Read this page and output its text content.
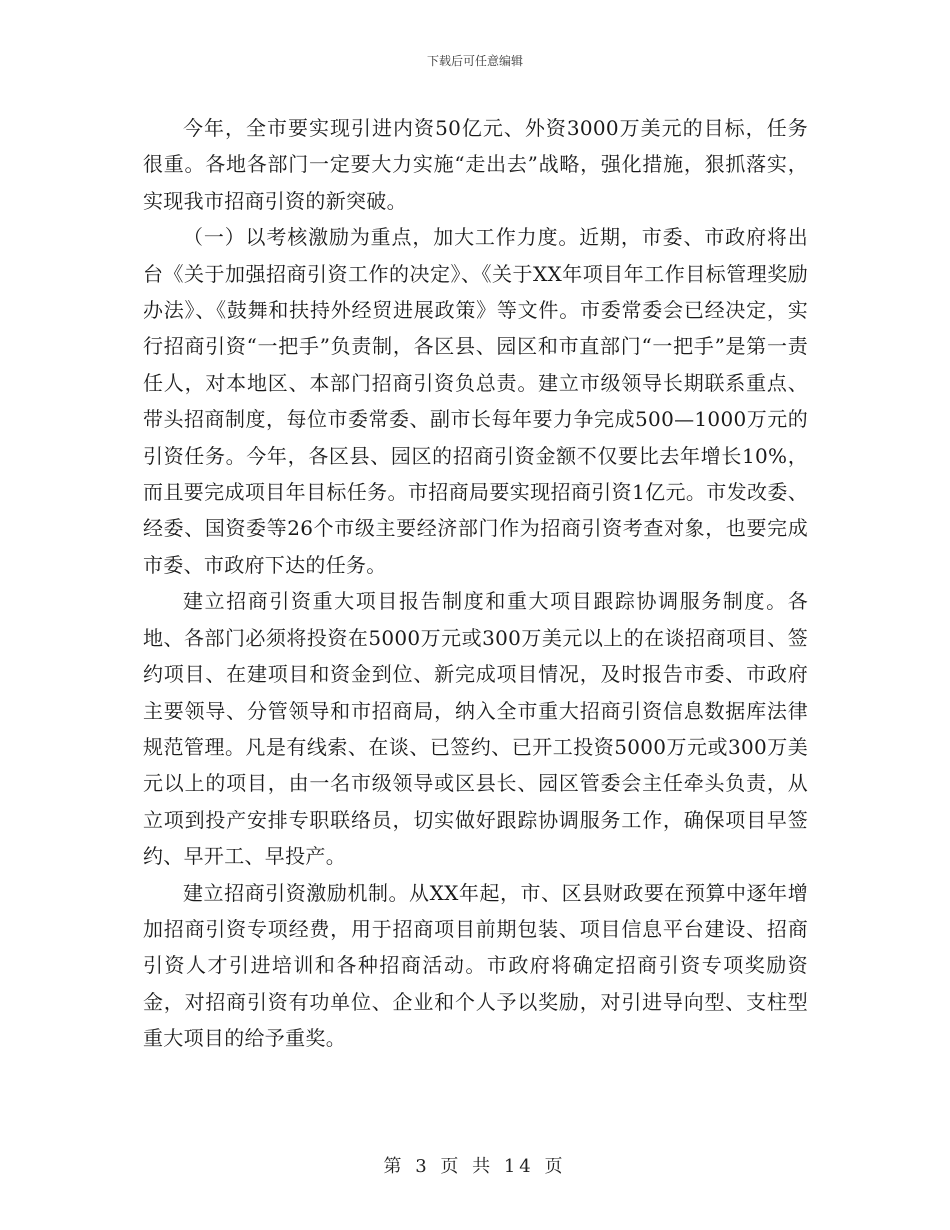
下载后可任意编辑

今年，全市要实现引进内资50亿元、外资3000万美元的目标，任务很重。各地各部门一定要大力实施“走出去”战略，强化措施，狠抓落实，实现我市招商引资的新突破。

（一）以考核激励为重点，加大工作力度。近期，市委、市政府将出台《关于加强招商引资工作的决定》、《关于XX年项目年工作目标管理奖励办法》、《鼓舞和扶持外经贸进展政策》等文件。市委常委会已经决定，实行招商引资“一把手”负责制，各区县、园区和市直部门“一把手”是第一责任人，对本地区、本部门招商引资负总责。建立市级领导长期联系重点、带头招商制度，每位市委常委、副市长每年要力争完成500—1000万元的引资任务。今年，各区县、园区的招商引资金额不仅要比去年增长10%，而且要完成项目年目标任务。市招商局要实现招商引资1亿元。市发改委、经委、国资委等26个市级主要经济部门作为招商引资考查对象，也要完成市委、市政府下达的任务。

建立招商引资重大项目报告制度和重大项目跟踪协调服务制度。各地、各部门必须将投资在5000万元或300万美元以上的在谈招商项目、签约项目、在建项目和资金到位、新完成项目情况，及时报告市委、市政府主要领导、分管领导和市招商局，纳入全市重大招商引资信息数据库法律规范管理。凡是有线索、在谈、已签约、已开工投资5000万元或300万美元以上的项目，由一名市级领导或区县长、园区管委会主任牵头负责，从立项到投产安排专职联络员，切实做好跟踪协调服务工作，确保项目早签约、早开工、早投产。

建立招商引资激励机制。从XX年起，市、区县财政要在预算中逐年增加招商引资专项经费，用于招商项目前期包装、项目信息平台建设、招商引资人才引进培训和各种招商活动。市政府将确定招商引资专项奖励资金，对招商引资有功单位、企业和个人予以奖励，对引进导向型、支柱型重大项目的给予重奖。

第 3 页 共 14 页
